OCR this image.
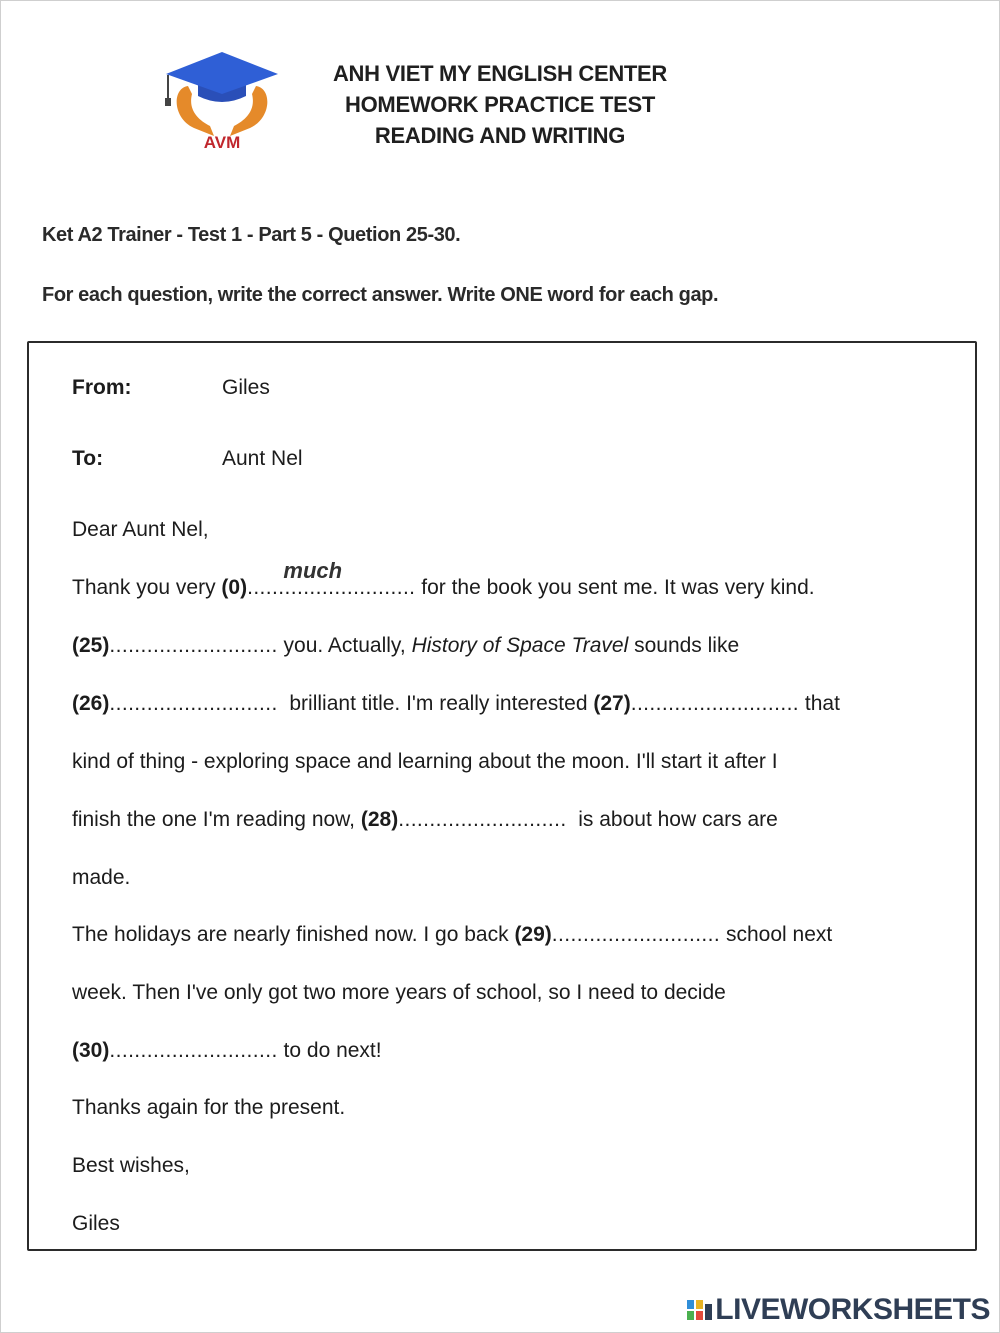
AVM
ANH VIET MY ENGLISH CENTER
HOMEWORK PRACTICE TEST
READING AND WRITING
Ket A2 Trainer - Test 1 - Part 5 - Quetion 25-30.
For each question, write the correct answer. Write ONE word for each gap.
From:	Giles
To:	Aunt Nel
Dear Aunt Nel,
Thank you very (0)...........................
much
for the book you sent me. It was very kind.
(25)........................... you. Actually, History of Space Travel sounds like
(26)...........................  brilliant title. I'm really interested (27)........................... that
kind of thing - exploring space and learning about the moon. I'll start it after I
finish the one I'm reading now, (28)...........................  is about how cars are
made.
The holidays are nearly finished now. I go back (29)........................... school next
week. Then I've only got two more years of school, so I need to decide
(30)........................... to do next!
Thanks again for the present.
Best wishes,
Giles
LIVEWORKSHEETS
